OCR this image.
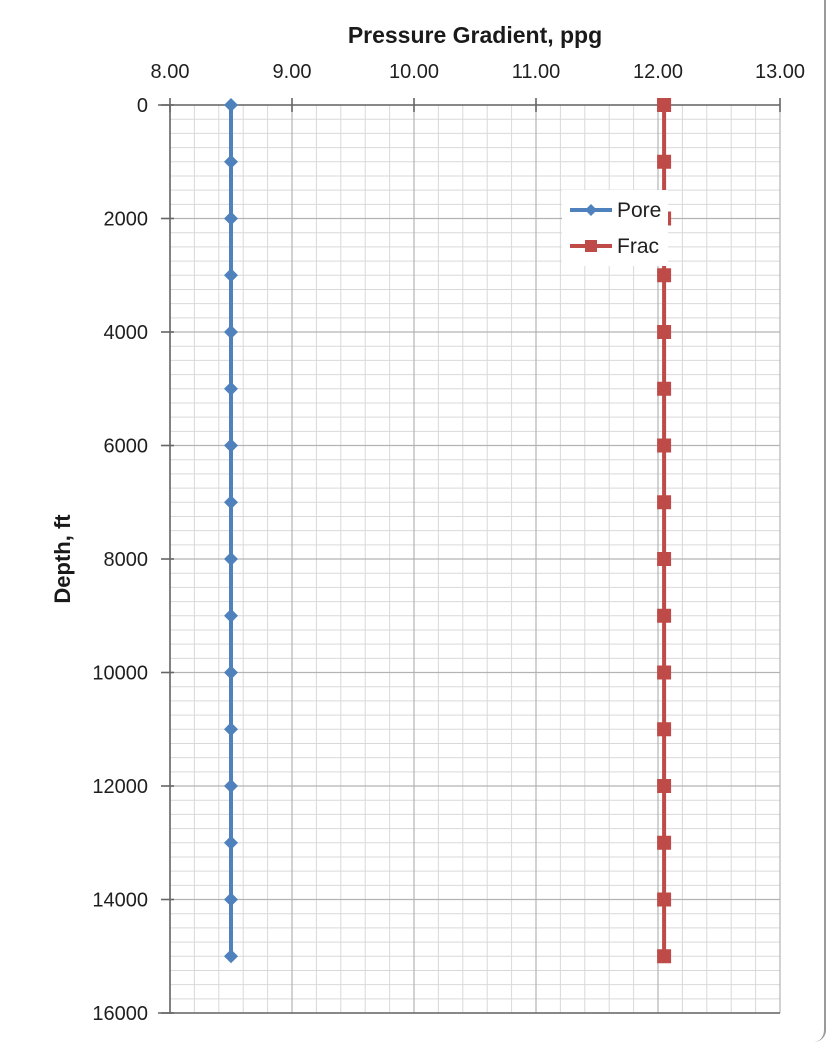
Pressure Gradient, ppg
Depth, ft
8.00	9.00	10.00	11.00	12.00	13.00
0
2000
4000
6000
8000
10000
12000
14000
16000
Pore
Frac
